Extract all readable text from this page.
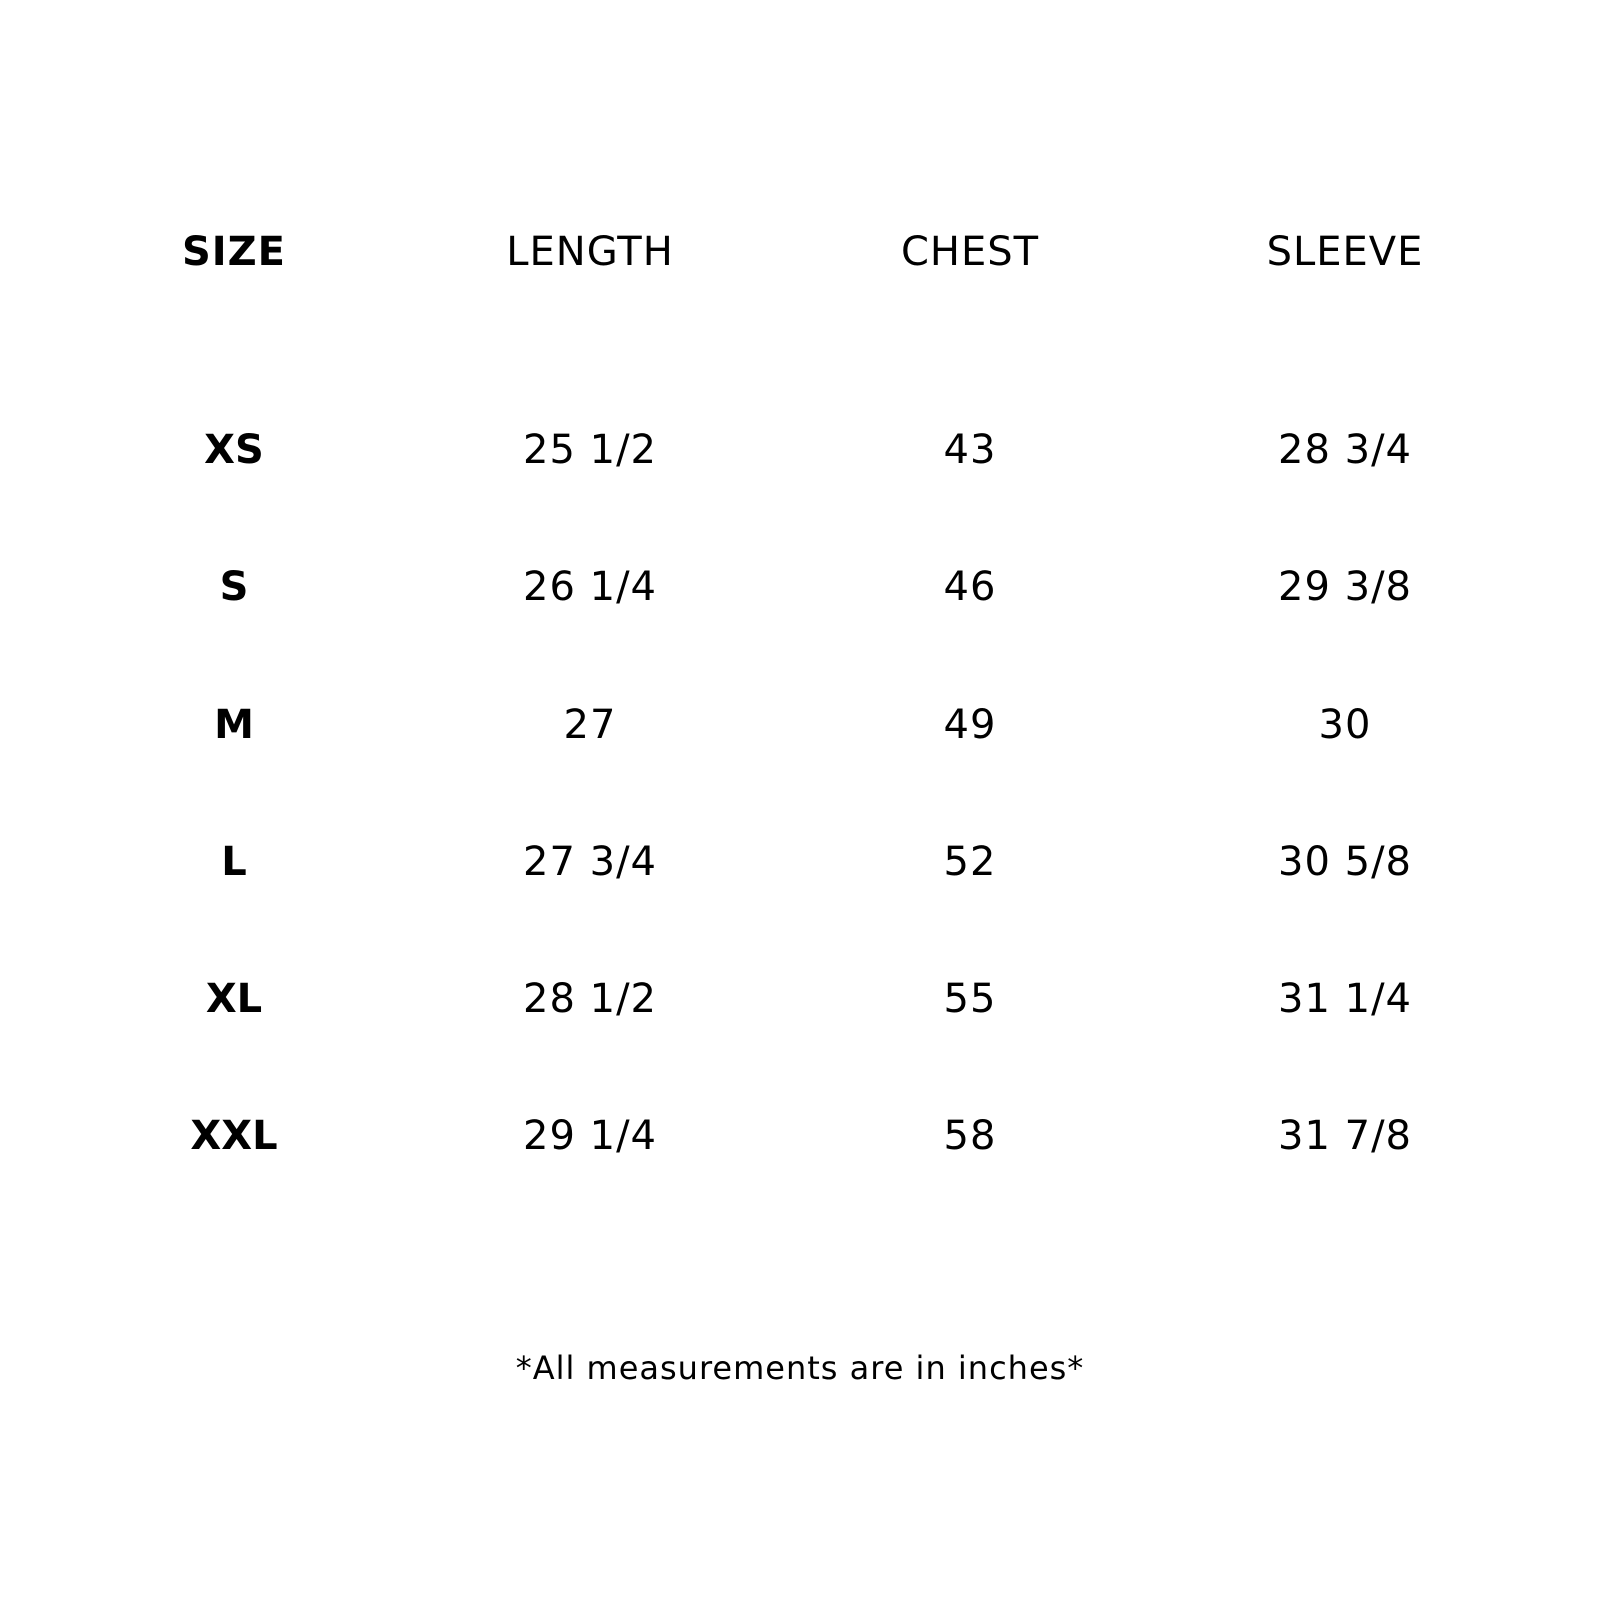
SIZE	LENGTH	CHEST	SLEEVE
XS	25 1/2	43	28 3/4
S	26 1/4	46	29 3/8
M	27	49	30
L	27 3/4	52	30 5/8
XL	28 1/2	55	31 1/4
XXL	29 1/4	58	31 7/8
*All measurements are in inches*
